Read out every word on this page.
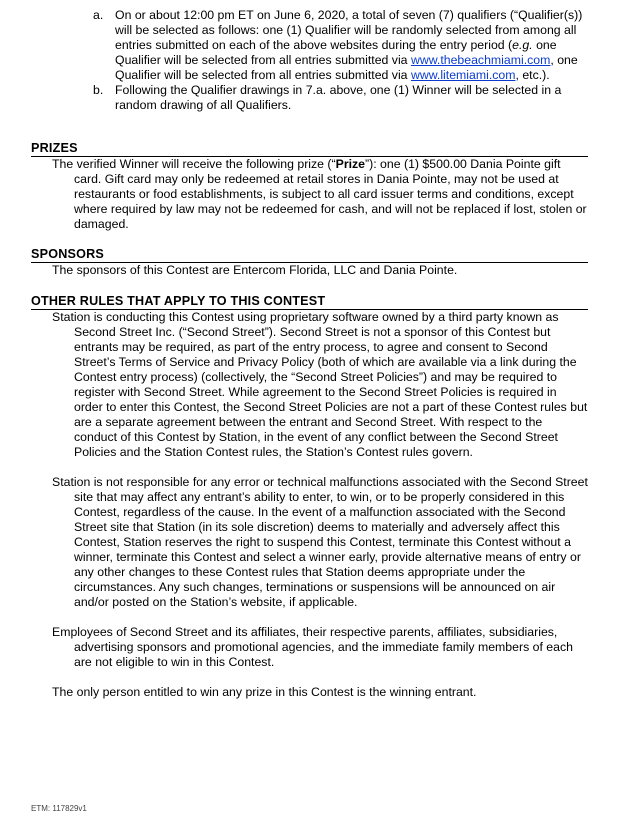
a. On or about 12:00 pm ET on June 6, 2020, a total of seven (7) qualifiers (“Qualifier(s)) will be selected as follows: one (1) Qualifier will be randomly selected from among all entries submitted on each of the above websites during the entry period (e.g. one Qualifier will be selected from all entries submitted via www.thebeachmiami.com, one Qualifier will be selected from all entries submitted via www.litemiami.com, etc.).

b. Following the Qualifier drawings in 7.a. above, one (1) Winner will be selected in a random drawing of all Qualifiers.

PRIZES

The verified Winner will receive the following prize (“Prize”): one (1) $500.00 Dania Pointe gift card. Gift card may only be redeemed at retail stores in Dania Pointe, may not be used at restaurants or food establishments, is subject to all card issuer terms and conditions, except where required by law may not be redeemed for cash, and will not be replaced if lost, stolen or damaged.

SPONSORS

The sponsors of this Contest are Entercom Florida, LLC and Dania Pointe.

OTHER RULES THAT APPLY TO THIS CONTEST

Station is conducting this Contest using proprietary software owned by a third party known as Second Street Inc. (“Second Street”). Second Street is not a sponsor of this Contest but entrants may be required, as part of the entry process, to agree and consent to Second Street’s Terms of Service and Privacy Policy (both of which are available via a link during the Contest entry process) (collectively, the “Second Street Policies”) and may be required to register with Second Street. While agreement to the Second Street Policies is required in order to enter this Contest, the Second Street Policies are not a part of these Contest rules but are a separate agreement between the entrant and Second Street. With respect to the conduct of this Contest by Station, in the event of any conflict between the Second Street Policies and the Station Contest rules, the Station’s Contest rules govern.

Station is not responsible for any error or technical malfunctions associated with the Second Street site that may affect any entrant’s ability to enter, to win, or to be properly considered in this Contest, regardless of the cause. In the event of a malfunction associated with the Second Street site that Station (in its sole discretion) deems to materially and adversely affect this Contest, Station reserves the right to suspend this Contest, terminate this Contest without a winner, terminate this Contest and select a winner early, provide alternative means of entry or any other changes to these Contest rules that Station deems appropriate under the circumstances. Any such changes, terminations or suspensions will be announced on air and/or posted on the Station’s website, if applicable.

Employees of Second Street and its affiliates, their respective parents, affiliates, subsidiaries, advertising sponsors and promotional agencies, and the immediate family members of each are not eligible to win in this Contest.

The only person entitled to win any prize in this Contest is the winning entrant.

ETM: 117829v1
